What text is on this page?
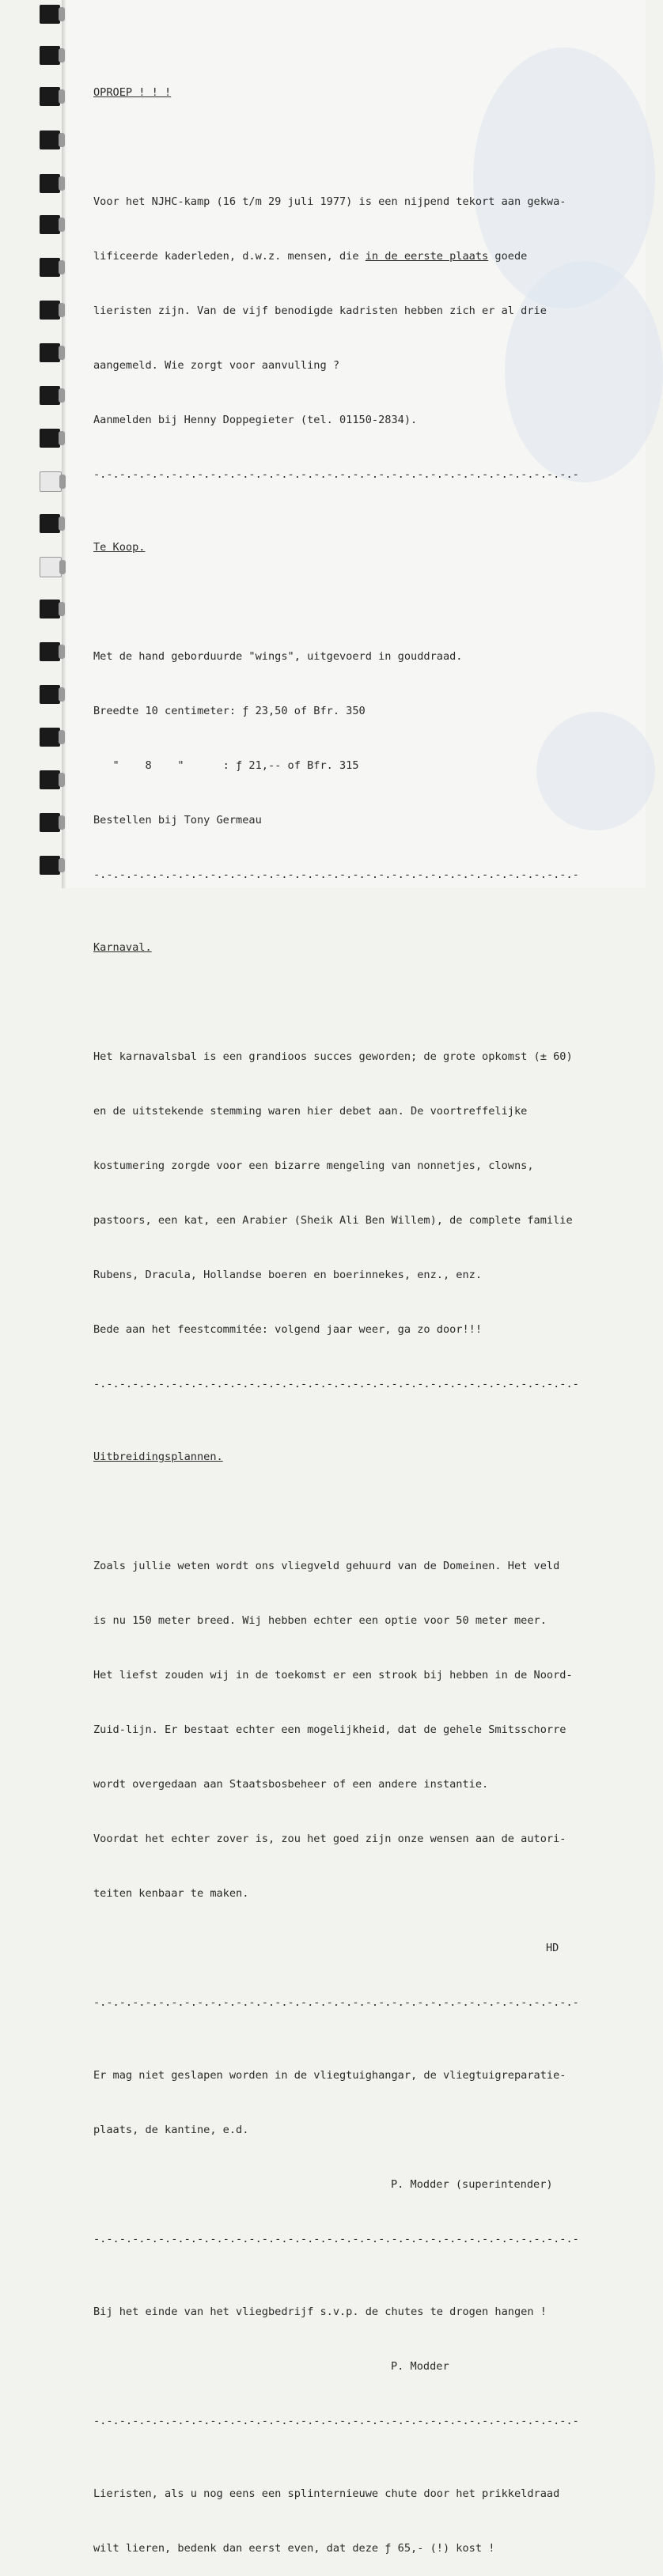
OPROEP ! ! !

Voor het NJHC-kamp (16 t/m 29 juli 1977) is een nijpend tekort aan gekwa-

lificeerde kaderleden, d.w.z. mensen, die in de eerste plaats goede

lieristen zijn. Van de vijf benodigde kadristen hebben zich er al drie

aangemeld. Wie zorgt voor aanvulling ?

Aanmelden bij Henny Doppegieter (tel. 01150-2834).

-.-.-.-.-.-.-.-.-.-.-.-.-.-.-.-.-.-.-.-.-.-.-.-.-.-.-.-.-.-.-.-.-.-.-.-.-.-

Te Koop.

Met de hand geborduurde "wings", uitgevoerd in gouddraad.

Breedte 10 centimeter: ƒ 23,50 of Bfr. 350

"    8    "      : ƒ 21,-- of Bfr. 315

Bestellen bij Tony Germeau

-.-.-.-.-.-.-.-.-.-.-.-.-.-.-.-.-.-.-.-.-.-.-.-.-.-.-.-.-.-.-.-.-.-.-.-.-.-

Karnaval.

Het karnavalsbal is een grandioos succes geworden; de grote opkomst (± 60)

en de uitstekende stemming waren hier debet aan. De voortreffelijke

kostumering zorgde voor een bizarre mengeling van nonnetjes, clowns,

pastoors, een kat, een Arabier (Sheik Ali Ben Willem), de complete familie

Rubens, Dracula, Hollandse boeren en boerinnekes, enz., enz.

Bede aan het feestcommitée: volgend jaar weer, ga zo door!!!

-.-.-.-.-.-.-.-.-.-.-.-.-.-.-.-.-.-.-.-.-.-.-.-.-.-.-.-.-.-.-.-.-.-.-.-.-.-

Uitbreidingsplannen.

Zoals jullie weten wordt ons vliegveld gehuurd van de Domeinen. Het veld

is nu 150 meter breed. Wij hebben echter een optie voor 50 meter meer.

Het liefst zouden wij in de toekomst er een strook bij hebben in de Noord-

Zuid-lijn. Er bestaat echter een mogelijkheid, dat de gehele Smitsschorre

wordt overgedaan aan Staatsbosbeheer of een andere instantie.

Voordat het echter zover is, zou het goed zijn onze wensen aan de autori-

teiten kenbaar te maken.

HD

-.-.-.-.-.-.-.-.-.-.-.-.-.-.-.-.-.-.-.-.-.-.-.-.-.-.-.-.-.-.-.-.-.-.-.-.-.-

Er mag niet geslapen worden in de vliegtuighangar, de vliegtuigreparatie-

plaats, de kantine, e.d.

P. Modder (superintender)

-.-.-.-.-.-.-.-.-.-.-.-.-.-.-.-.-.-.-.-.-.-.-.-.-.-.-.-.-.-.-.-.-.-.-.-.-.-

Bij het einde van het vliegbedrijf s.v.p. de chutes te drogen hangen !

P. Modder

-.-.-.-.-.-.-.-.-.-.-.-.-.-.-.-.-.-.-.-.-.-.-.-.-.-.-.-.-.-.-.-.-.-.-.-.-.-

Lieristen, als u nog eens een splinternieuwe chute door het prikkeldraad

wilt lieren, bedenk dan eerst even, dat deze ƒ 65,- (!) kost !
